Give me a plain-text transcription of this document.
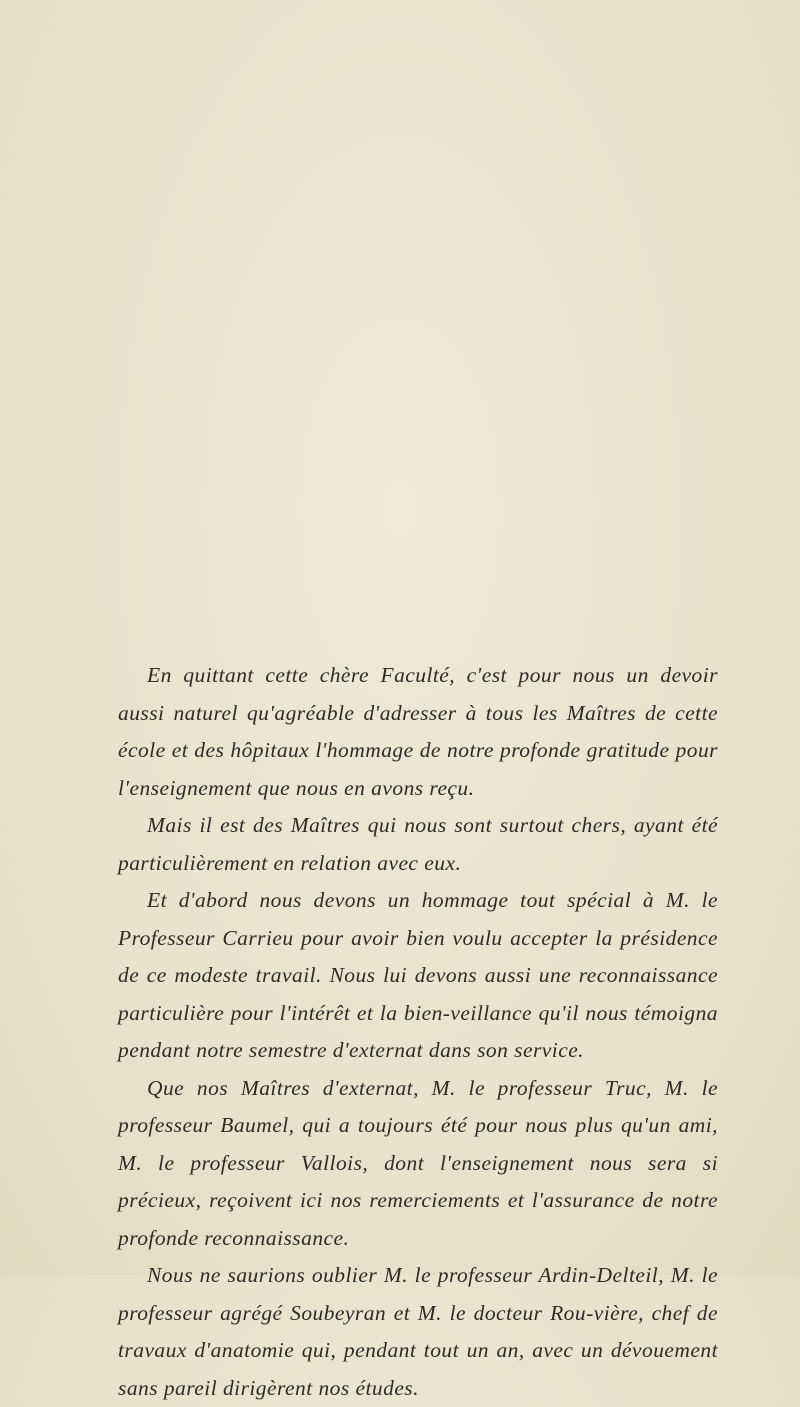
En quittant cette chère Faculté, c'est pour nous un devoir aussi naturel qu'agréable d'adresser à tous les Maîtres de cette école et des hôpitaux l'hommage de notre profonde gratitude pour l'enseignement que nous en avons reçu.

Mais il est des Maîtres qui nous sont surtout chers, ayant été particulièrement en relation avec eux.

Et d'abord nous devons un hommage tout spécial à M. le Professeur Carrieu pour avoir bien voulu accepter la présidence de ce modeste travail. Nous lui devons aussi une reconnaissance particulière pour l'intérêt et la bien-veillance qu'il nous témoigna pendant notre semestre d'externat dans son service.

Que nos Maîtres d'externat, M. le professeur Truc, M. le professeur Baumel, qui a toujours été pour nous plus qu'un ami, M. le professeur Vallois, dont l'enseignement nous sera si précieux, reçoivent ici nos remerciements et l'assurance de notre profonde reconnaissance.

Nous ne saurions oublier M. le professeur Ardin-Delteil, M. le professeur agrégé Soubeyran et M. le docteur Rou-vière, chef de travaux d'anatomie qui, pendant tout un an, avec un dévouement sans pareil dirigèrent nos études.
